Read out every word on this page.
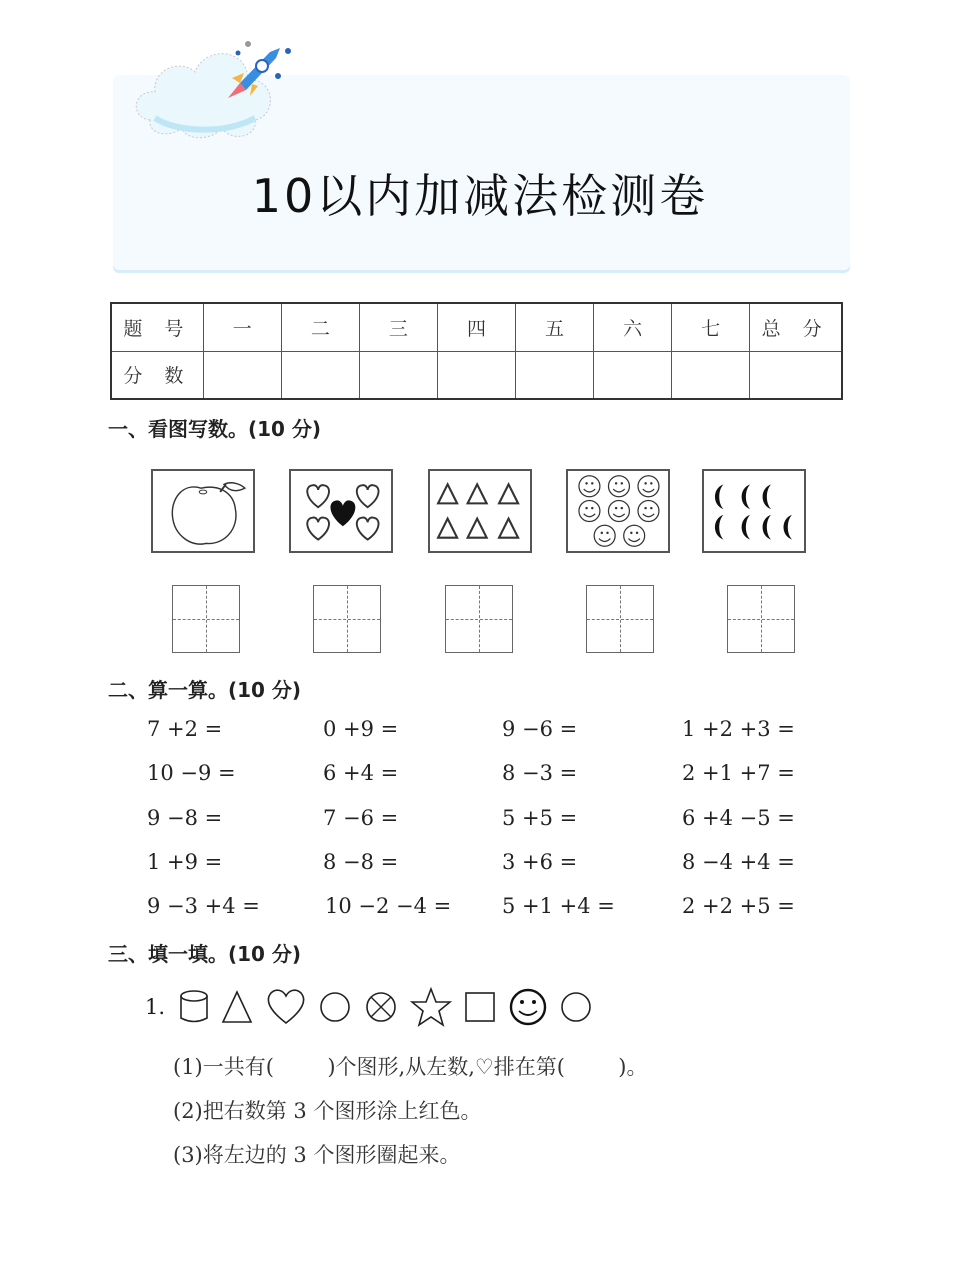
10以内加减法检测卷
题 号	一	二	三	四	五	六	七	总 分
分 数								
一、看图写数。(10 分)
二、算一算。(10 分)
7 +2 =	0 +9 =	9 −6 =	1 +2 +3 =
10 −9 =	6 +4 =	8 −3 =	2 +1 +7 =
9 −8 =	7 −6 =	5 +5 =	6 +4 −5 =
1 +9 =	8 −8 =	3 +6 =	8 −4 +4 =
9 −3 +4 =	10 −2 −4 = 5 +1 +4 =	2 +2 +5 =
三、填一填。(10 分)
1.
(1)一共有(        )个图形,从左数,♡排在第(        )。
(2)把右数第 3 个图形涂上红色。
(3)将左边的 3 个图形圈起来。
